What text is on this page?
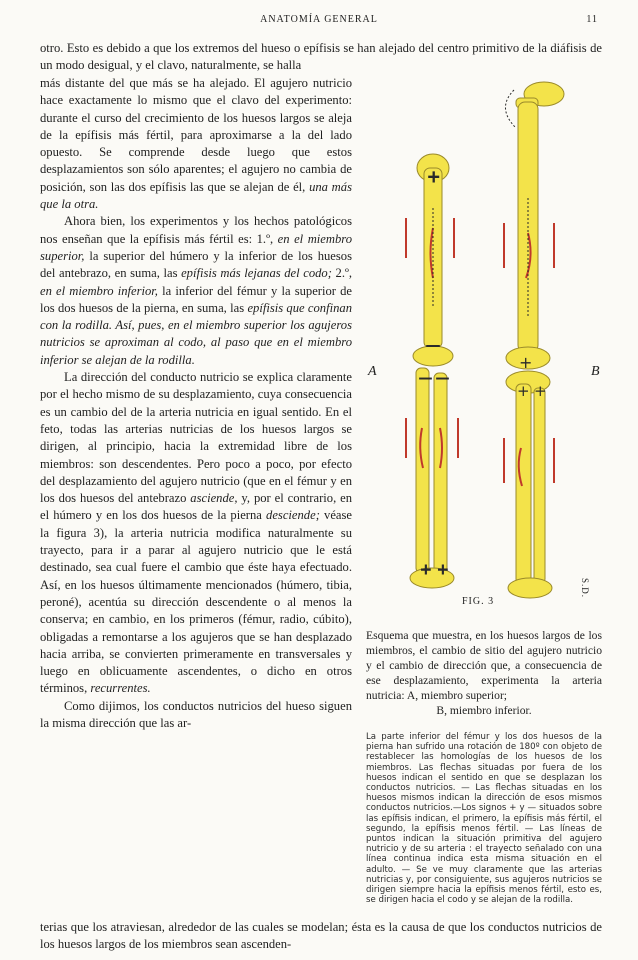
ANATOMÍA GENERAL	11

otro. Esto es debido a que los extremos del hueso o epífisis se han alejado del centro primitivo de la diáfisis de un modo desigual, y el clavo, naturalmente, se halla

más distante del que más se ha alejado. El agujero nutricio hace exactamente lo mismo que el clavo del experimento: durante el curso del crecimiento de los huesos largos se aleja de la epífisis más fértil, para aproximarse a la del lado opuesto. Se comprende desde luego que estos desplazamientos son sólo aparentes; el agujero no cambia de posición, son las dos epífisis las que se alejan de él, una más que la otra.

Ahora bien, los experimentos y los hechos patológicos nos enseñan que la epífisis más fértil es: 1.º, en el miembro superior, la superior del húmero y la inferior de los huesos del antebrazo, en suma, las epífisis más lejanas del codo; 2.º, en el miembro inferior, la inferior del fémur y la superior de los dos huesos de la pierna, en suma, las epífisis que confinan con la rodilla. Así, pues, en el miembro superior los agujeros nutricios se aproximan al codo, al paso que en el miembro inferior se alejan de la rodilla.

La dirección del conducto nutricio se explica claramente por el hecho mismo de su desplazamiento, cuya consecuencia es un cambio del de la arteria nutricia en igual sentido. En el feto, todas las arterias nutricias de los huesos largos se dirigen, al principio, hacia la extremidad libre de los miembros: son descendentes. Pero poco a poco, por efecto del desplazamiento del agujero nutricio (que en el fémur y en los dos huesos del antebrazo asciende, y, por el contrario, en el húmero y en los dos huesos de la pierna desciende; véase la figura 3), la arteria nutricia modifica naturalmente su trayecto, para ir a parar al agujero nutricio que le está destinado, sea cual fuere el cambio que éste haya efectuado. Así, en los huesos últimamente mencionados (húmero, tibia, peroné), acentúa su dirección descendente o al menos la conserva; en cambio, en los primeros (fémur, radio, cúbito), obligadas a remontarse a los agujeros que se han desplazado hacia arriba, se convierten primeramente en transversales y luego en oblicuamente ascendentes, o dicho en otros términos, recurrentes.

Como dijimos, los conductos nutricios del hueso siguen la misma dirección que las ar-

+
—
— —
+ +
+
+ +
A	B
S.D.
FIG. 3
Esquema que muestra, en los huesos largos de los miembros, el cambio de sitio del agujero nutricio y el cambio de dirección que, a consecuencia de ese desplazamiento, experimenta la arteria nutricia: A, miembro superior;
B, miembro inferior.
La parte inferior del fémur y los dos huesos de la pierna han sufrido una rotación de 180º con objeto de restablecer las homologías de los huesos de los miembros. Las flechas situadas por fuera de los huesos indican el sentido en que se desplazan los conductos nutricios. — Las flechas situadas en los huesos mismos indican la dirección de esos mismos conductos nutricios.—Los signos + y — situados sobre las epífisis indican, el primero, la epífisis más fértil, el segundo, la epífisis menos fértil. — Las líneas de puntos indican la situación primitiva del agujero nutricio y de su arteria : el trayecto señalado con una línea continua indica esta misma situación en el adulto. — Se ve muy claramente que las arterias nutricias y, por consiguiente, sus agujeros nutricios se dirigen siempre hacia la epífisis menos fértil, esto es, se dirigen hacia el codo y se alejan de la rodilla.

terias que los atraviesan, alrededor de las cuales se modelan; ésta es la causa de que los conductos nutricios de los huesos largos de los miembros sean ascenden-
